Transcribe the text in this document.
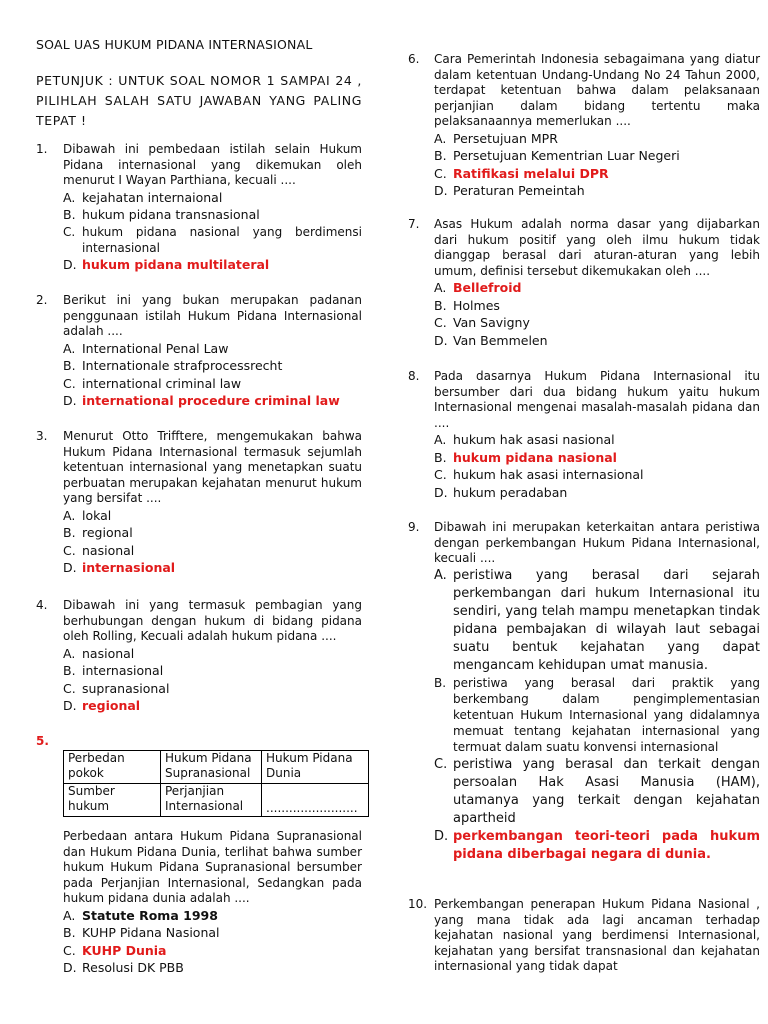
SOAL UAS HUKUM PIDANA INTERNASIONAL
PETUNJUK : UNTUK SOAL NOMOR 1 SAMPAI 24 , PILIHLAH SALAH SATU JAWABAN YANG PALING TEPAT !
1. Dibawah ini pembedaan istilah selain Hukum Pidana internasional yang dikemukan oleh menurut I Wayan Parthiana, kecuali ....
A. kejahatan internaional
B. hukum pidana transnasional
C. hukum pidana nasional yang berdimensi internasional
D. hukum pidana multilateral
2. Berikut ini yang bukan merupakan padanan penggunaan istilah Hukum Pidana Internasional adalah ....
A. International Penal Law
B. Internationale strafprocessrecht
C. international criminal law
D. international procedure criminal law
3. Menurut Otto Trifftere, mengemukakan bahwa Hukum Pidana Internasional termasuk sejumlah ketentuan internasional yang menetapkan suatu perbuatan merupakan kejahatan menurut hukum yang bersifat ....
A. lokal
B. regional
C. nasional
D. internasional
4. Dibawah ini yang termasuk pembagian yang berhubungan dengan hukum di bidang pidana oleh Rolling, Kecuali adalah hukum pidana ....
A. nasional
B. internasional
C. supranasional
D. regional
5.
Perbedan pokok	Hukum Pidana Supranasional	Hukum Pidana Dunia
Sumber hukum	Perjanjian Internasional	........................
Perbedaan antara Hukum Pidana Supranasional dan Hukum Pidana Dunia, terlihat bahwa sumber hukum Hukum Pidana Supranasional bersumber pada Perjanjian Internasional, Sedangkan pada hukum pidana dunia adalah ....
A. Statute Roma 1998
B. KUHP Pidana Nasional
C. KUHP Dunia
D. Resolusi DK PBB
6. Cara Pemerintah Indonesia sebagaimana yang diatur dalam ketentuan Undang-Undang No 24 Tahun 2000, terdapat ketentuan bahwa dalam pelaksanaan perjanjian dalam bidang tertentu maka pelaksanaannya memerlukan ....
A. Persetujuan MPR
B. Persetujuan Kementrian Luar Negeri
C. Ratifikasi melalui DPR
D. Peraturan Pemeintah
7. Asas Hukum adalah norma dasar yang dijabarkan dari hukum positif yang oleh ilmu hukum tidak dianggap berasal dari aturan-aturan yang lebih umum, definisi tersebut dikemukakan oleh ....
A. Bellefroid
B. Holmes
C. Van Savigny
D. Van Bemmelen
8. Pada dasarnya Hukum Pidana Internasional itu bersumber dari dua bidang hukum yaitu hukum Internasional mengenai masalah-masalah pidana dan ....
A. hukum hak asasi nasional
B. hukum pidana nasional
C. hukum hak asasi internasional
D. hukum peradaban
9. Dibawah ini merupakan keterkaitan antara peristiwa dengan perkembangan Hukum Pidana Internasional, kecuali ....
A. peristiwa yang berasal dari sejarah perkembangan dari hukum Internasional itu sendiri, yang telah mampu menetapkan tindak pidana pembajakan di wilayah laut sebagai suatu bentuk kejahatan yang dapat mengancam kehidupan umat manusia.
B. peristiwa yang berasal dari praktik yang berkembang dalam pengimplementasian ketentuan Hukum Internasional yang didalamnya memuat tentang kejahatan internasional yang termuat dalam suatu konvensi internasional
C. peristiwa yang berasal dan terkait dengan persoalan Hak Asasi Manusia (HAM), utamanya yang terkait dengan kejahatan apartheid
D. perkembangan teori-teori pada hukum pidana diberbagai negara di dunia.
10. Perkembangan penerapan Hukum Pidana Nasional , yang mana tidak ada lagi ancaman terhadap kejahatan nasional yang berdimensi Internasional, kejahatan yang bersifat transnasional dan kejahatan internasional yang tidak dapat
